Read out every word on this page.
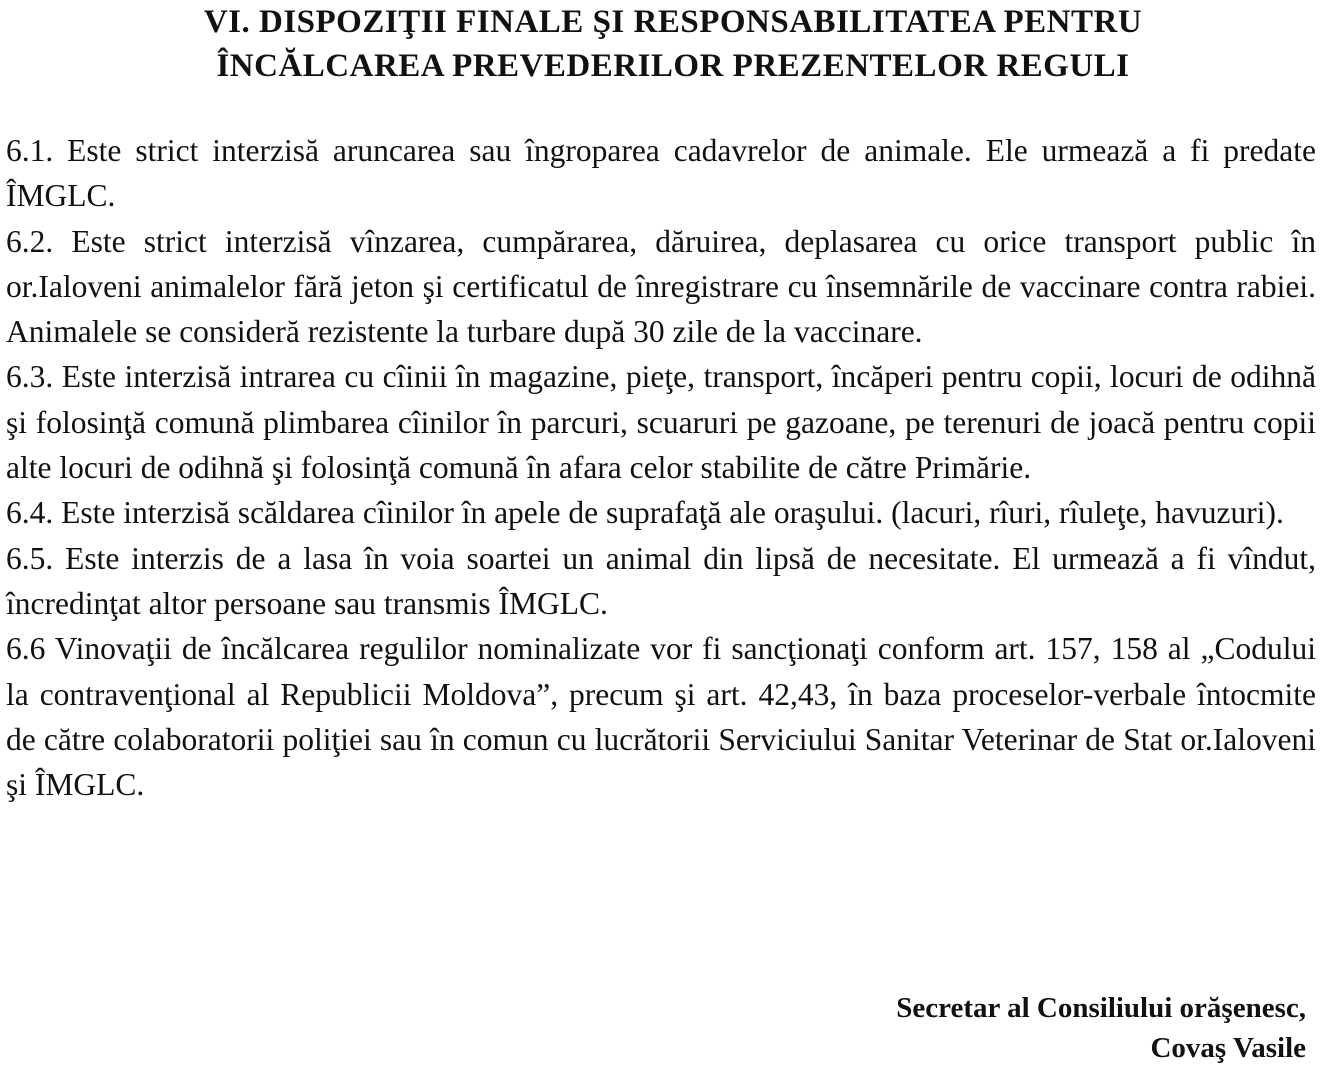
VI. DISPOZIŢII FINALE ŞI RESPONSABILITATEA PENTRU
ÎNCĂLCAREA PREVEDERILOR PREZENTELOR REGULI

6.1. Este strict interzisă aruncarea sau îngroparea cadavrelor de animale. Ele urmează a fi predate ÎMGLC.

6.2. Este strict interzisă vînzarea, cumpărarea, dăruirea, deplasarea cu orice transport public în or.Ialoveni animalelor fără jeton şi certificatul de înregistrare cu însemnările de vaccinare contra rabiei. Animalele se consideră rezistente la turbare după 30 zile de la vaccinare.

6.3. Este interzisă intrarea cu cîinii în magazine, pieţe, transport, încăperi pentru copii, locuri de odihnă şi folosinţă comună plimbarea cîinilor în parcuri, scuaruri pe gazoane, pe terenuri de joacă pentru copii alte locuri de odihnă şi folosinţă comună în afara celor stabilite de către Primărie.

6.4. Este interzisă scăldarea cîinilor în apele de suprafaţă ale oraşului. (lacuri, rîuri, rîuleţe, havuzuri).

6.5. Este interzis de a lasa în voia soartei un animal din lipsă de necesitate. El urmează a fi vîndut, încredinţat altor persoane sau transmis ÎMGLC.

6.6 Vinovaţii de încălcarea regulilor nominalizate vor fi sancţionaţi conform art. 157, 158 al „Codului la contravenţional al Republicii Moldova”, precum şi art. 42,43, în baza proceselor-verbale întocmite de către colaboratorii poliţiei sau în comun cu lucrătorii Serviciului Sanitar Veterinar de Stat or.Ialoveni şi ÎMGLC.

Secretar al Consiliului orăşenesc,
Covaş Vasile
